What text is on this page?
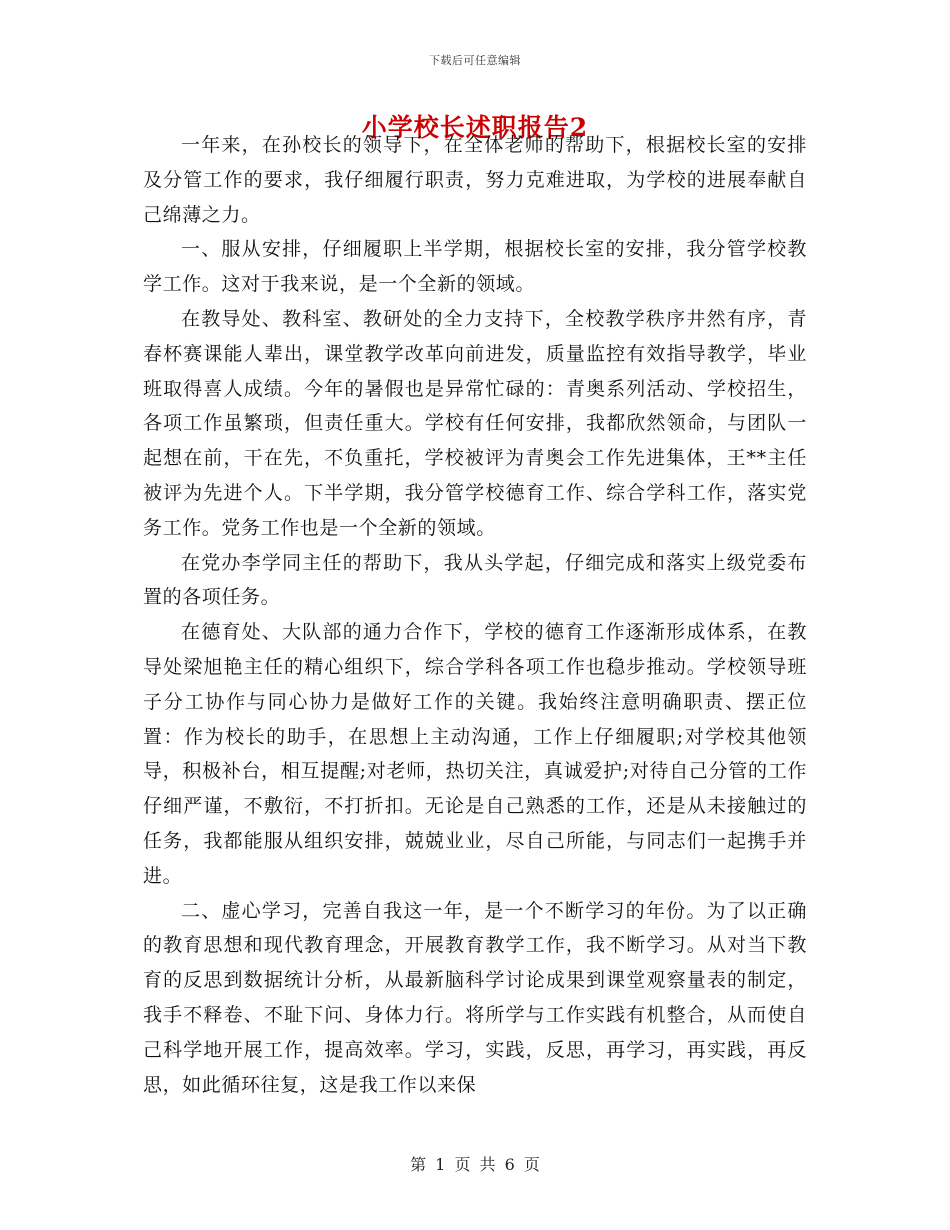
下载后可任意编辑
小学校长述职报告2

一年来，在孙校长的领导下，在全体老师的帮助下，根据校长室的安排及分管工作的要求，我仔细履行职责，努力克难进取，为学校的进展奉献自己绵薄之力。

一、服从安排，仔细履职上半学期，根据校长室的安排，我分管学校教学工作。这对于我来说，是一个全新的领域。

在教导处、教科室、教研处的全力支持下，全校教学秩序井然有序，青春杯赛课能人辈出，课堂教学改革向前进发，质量监控有效指导教学，毕业班取得喜人成绩。今年的暑假也是异常忙碌的：青奥系列活动、学校招生，各项工作虽繁琐，但责任重大。学校有任何安排，我都欣然领命，与团队一起想在前，干在先，不负重托，学校被评为青奥会工作先进集体，王**主任被评为先进个人。下半学期，我分管学校德育工作、综合学科工作，落实党务工作。党务工作也是一个全新的领域。

在党办李学同主任的帮助下，我从头学起，仔细完成和落实上级党委布置的各项任务。

在德育处、大队部的通力合作下，学校的德育工作逐渐形成体系，在教导处梁旭艳主任的精心组织下，综合学科各项工作也稳步推动。学校领导班子分工协作与同心协力是做好工作的关键。我始终注意明确职责、摆正位置：作为校长的助手，在思想上主动沟通，工作上仔细履职;对学校其他领导，积极补台，相互提醒;对老师，热切关注，真诚爱护;对待自己分管的工作仔细严谨，不敷衍，不打折扣。无论是自己熟悉的工作，还是从未接触过的任务，我都能服从组织安排，兢兢业业，尽自己所能，与同志们一起携手并进。

二、虚心学习，完善自我这一年，是一个不断学习的年份。为了以正确的教育思想和现代教育理念，开展教育教学工作，我不断学习。从对当下教育的反思到数据统计分析，从最新脑科学讨论成果到课堂观察量表的制定，我手不释卷、不耻下问、身体力行。将所学与工作实践有机整合，从而使自己科学地开展工作，提高效率。学习，实践，反思，再学习，再实践，再反思，如此循环往复，这是我工作以来保

第 1 页 共 6 页
